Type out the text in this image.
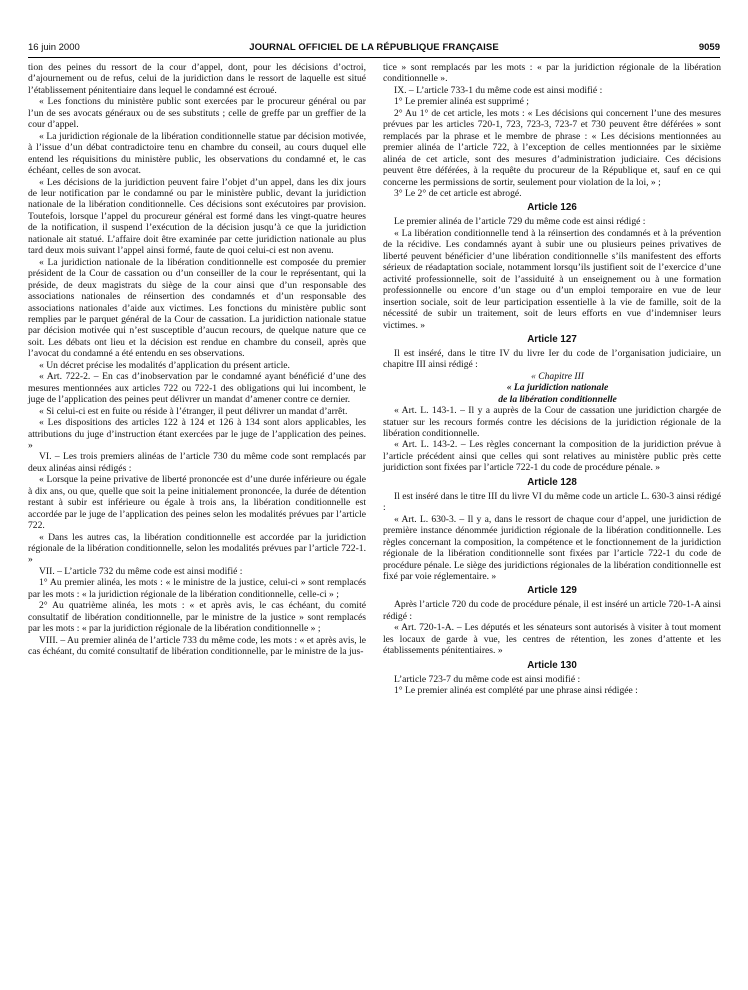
16 juin 2000	JOURNAL OFFICIEL DE LA RÉPUBLIQUE FRANÇAISE	9059

tion des peines du ressort de la cour d’appel, dont, pour les décisions d’octroi, d’ajournement ou de refus, celui de la juridiction dans le ressort de laquelle est situé l’établissement pénitentiaire dans lequel le condamné est écroué.

« Les fonctions du ministère public sont exercées par le procureur général ou par l’un de ses avocats généraux ou de ses substituts ; celle de greffe par un greffier de la cour d’appel.

« La juridiction régionale de la libération conditionnelle statue par décision motivée, à l’issue d’un débat contradictoire tenu en chambre du conseil, au cours duquel elle entend les réquisitions du ministère public, les observations du condamné et, le cas échéant, celles de son avocat.

« Les décisions de la juridiction peuvent faire l’objet d’un appel, dans les dix jours de leur notification par le condamné ou par le ministère public, devant la juridiction nationale de la libération conditionnelle. Ces décisions sont exécutoires par provision. Toutefois, lorsque l’appel du procureur général est formé dans les vingt-quatre heures de la notification, il suspend l’exécution de la décision jusqu’à ce que la juridiction nationale ait statué. L’affaire doit être examinée par cette juridiction nationale au plus tard deux mois suivant l’appel ainsi formé, faute de quoi celui-ci est non avenu.

« La juridiction nationale de la libération conditionnelle est composée du premier président de la Cour de cassation ou d’un conseiller de la cour le représentant, qui la préside, de deux magistrats du siège de la cour ainsi que d’un responsable des associations nationales de réinsertion des condamnés et d’un responsable des associations nationales d’aide aux victimes. Les fonctions du ministère public sont remplies par le parquet général de la Cour de cassation. La juridiction nationale statue par décision motivée qui n’est susceptible d’aucun recours, de quelque nature que ce soit. Les débats ont lieu et la décision est rendue en chambre du conseil, après que l’avocat du condamné a été entendu en ses observations.

« Un décret précise les modalités d’application du présent article.

« Art. 722-2. – En cas d’inobservation par le condamné ayant bénéficié d’une des mesures mentionnées aux articles 722 ou 722-1 des obligations qui lui incombent, le juge de l’application des peines peut délivrer un mandat d’amener contre ce dernier.

« Si celui-ci est en fuite ou réside à l’étranger, il peut délivrer un mandat d’arrêt.

« Les dispositions des articles 122 à 124 et 126 à 134 sont alors applicables, les attributions du juge d’instruction étant exercées par le juge de l’application des peines. »

VI. – Les trois premiers alinéas de l’article 730 du même code sont remplacés par deux alinéas ainsi rédigés :

« Lorsque la peine privative de liberté prononcée est d’une durée inférieure ou égale à dix ans, ou que, quelle que soit la peine initialement prononcée, la durée de détention restant à subir est inférieure ou égale à trois ans, la libération conditionnelle est accordée par le juge de l’application des peines selon les modalités prévues par l’article 722.

« Dans les autres cas, la libération conditionnelle est accordée par la juridiction régionale de la libération conditionnelle, selon les modalités prévues par l’article 722-1. »

VII. – L’article 732 du même code est ainsi modifié :

1° Au premier alinéa, les mots : « le ministre de la justice, celui-ci » sont remplacés par les mots : « la juridiction régionale de la libération conditionnelle, celle-ci » ;

2° Au quatrième alinéa, les mots : « et après avis, le cas échéant, du comité consultatif de libération conditionnelle, par le ministre de la justice » sont remplacés par les mots : « par la juridiction régionale de la libération conditionnelle » ;

VIII. – Au premier alinéa de l’article 733 du même code, les mots : « et après avis, le cas échéant, du comité consultatif de libération conditionnelle, par le ministre de la jus-

tice » sont remplacés par les mots : « par la juridiction régionale de la libération conditionnelle ».

IX. – L’article 733-1 du même code est ainsi modifié :

1° Le premier alinéa est supprimé ;

2° Au 1° de cet article, les mots : « Les décisions qui concernent l’une des mesures prévues par les articles 720-1, 723, 723-3, 723-7 et 730 peuvent être déférées » sont remplacés par la phrase et le membre de phrase : « Les décisions mentionnées au premier alinéa de l’article 722, à l’exception de celles mentionnées par le sixième alinéa de cet article, sont des mesures d’administration judiciaire. Ces décisions peuvent être déférées, à la requête du procureur de la République et, sauf en ce qui concerne les permissions de sortir, seulement pour violation de la loi, » ;

3° Le 2° de cet article est abrogé.

Article 126

Le premier alinéa de l’article 729 du même code est ainsi rédigé :

« La libération conditionnelle tend à la réinsertion des condamnés et à la prévention de la récidive. Les condamnés ayant à subir une ou plusieurs peines privatives de liberté peuvent bénéficier d’une libération conditionnelle s’ils manifestent des efforts sérieux de réadaptation sociale, notamment lorsqu’ils justifient soit de l’exercice d’une activité professionnelle, soit de l’assiduité à un enseignement ou à une formation professionnelle ou encore d’un stage ou d’un emploi temporaire en vue de leur insertion sociale, soit de leur participation essentielle à la vie de famille, soit de la nécessité de subir un traitement, soit de leurs efforts en vue d’indemniser leurs victimes. »

Article 127

Il est inséré, dans le titre IV du livre Ier du code de l’organisation judiciaire, un chapitre III ainsi rédigé :

« Chapitre III

« La juridiction nationale

de la libération conditionnelle

« Art. L. 143-1. – Il y a auprès de la Cour de cassation une juridiction chargée de statuer sur les recours formés contre les décisions de la juridiction régionale de la libération conditionnelle.

« Art. L. 143-2. – Les règles concernant la composition de la juridiction prévue à l’article précédent ainsi que celles qui sont relatives au ministère public près cette juridiction sont fixées par l’article 722-1 du code de procédure pénale. »

Article 128

Il est inséré dans le titre III du livre VI du même code un article L. 630-3 ainsi rédigé :

« Art. L. 630-3. – Il y a, dans le ressort de chaque cour d’appel, une juridiction de première instance dénommée juridiction régionale de la libération conditionnelle. Les règles concernant la composition, la compétence et le fonctionnement de la juridiction régionale de la libération conditionnelle sont fixées par l’article 722-1 du code de procédure pénale. Le siège des juridictions régionales de la libération conditionnelle est fixé par voie réglementaire. »

Article 129

Après l’article 720 du code de procédure pénale, il est inséré un article 720-1-A ainsi rédigé :

« Art. 720-1-A. – Les députés et les sénateurs sont autorisés à visiter à tout moment les locaux de garde à vue, les centres de rétention, les zones d’attente et les établissements pénitentiaires. »

Article 130

L’article 723-7 du même code est ainsi modifié :

1° Le premier alinéa est complété par une phrase ainsi rédigée :
